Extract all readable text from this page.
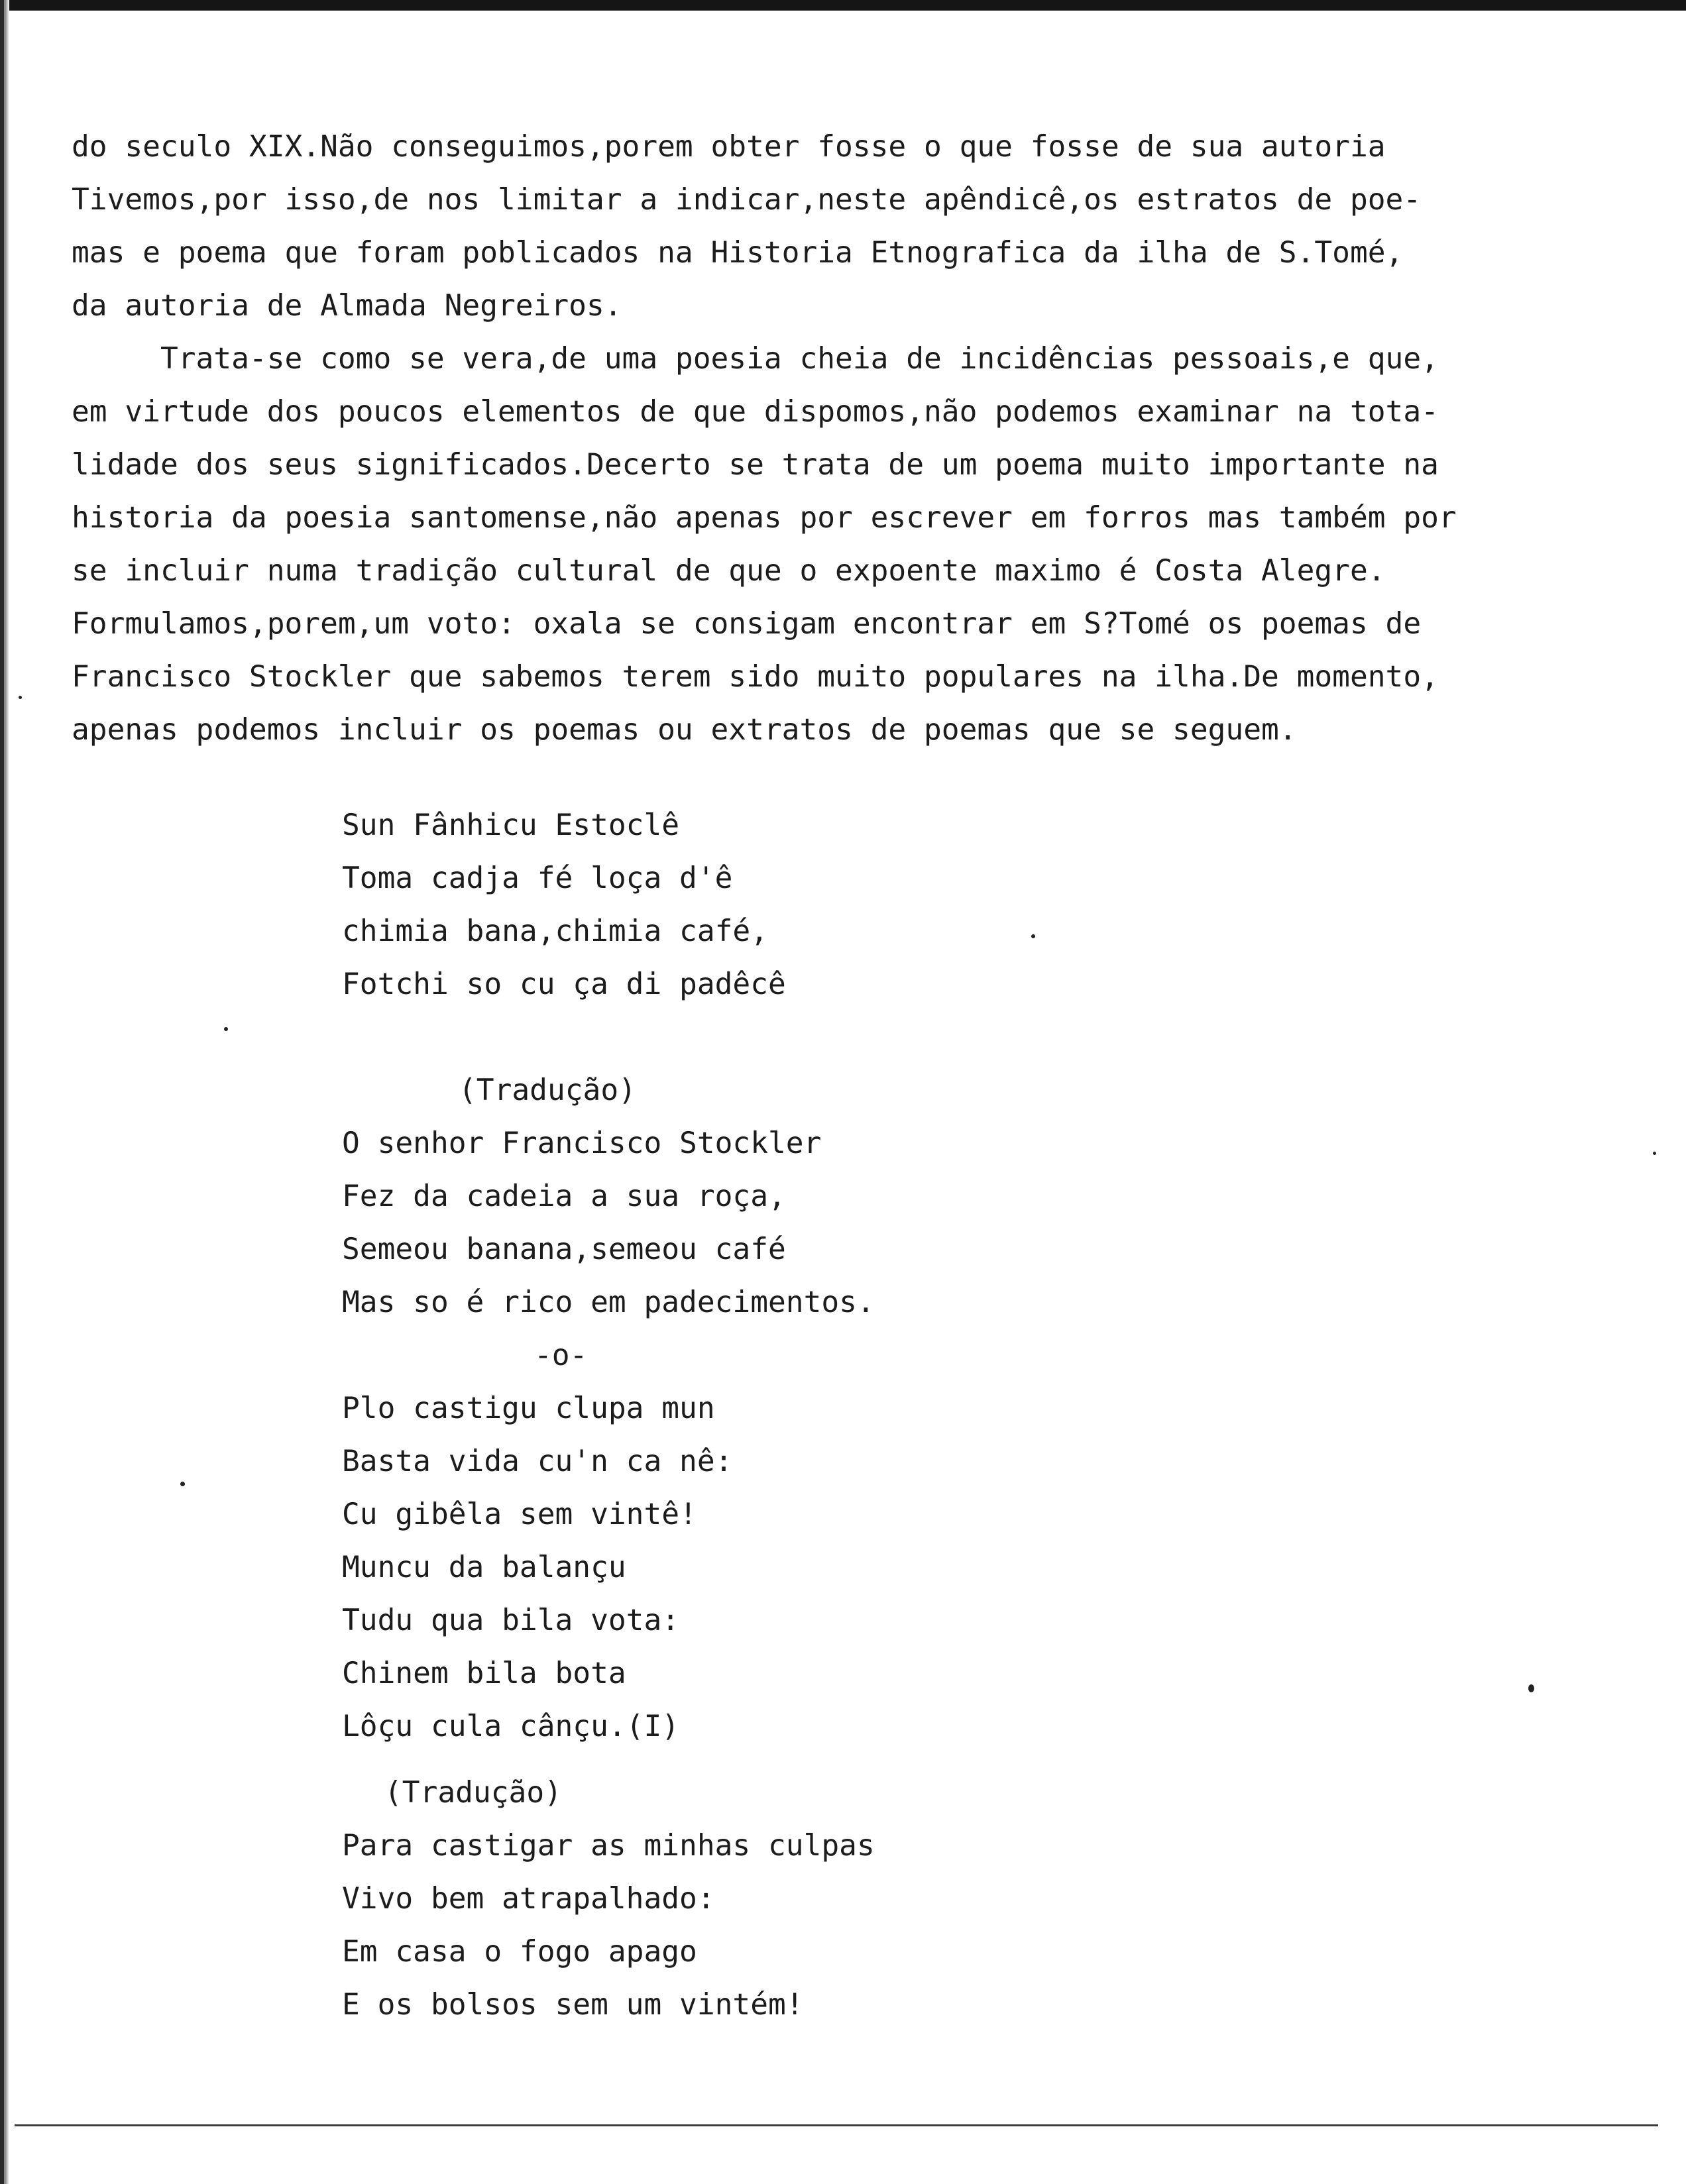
do seculo XIX.Não conseguimos,porem obter fosse o que fosse de sua autoria
Tivemos,por isso,de nos limitar a indicar,neste apêndicê,os estratos de poe-
mas e poema que foram poblicados na Historia Etnografica da ilha de S.Tomé,
da autoria de Almada Negreiros.
Trata-se como se vera,de uma poesia cheia de incidências pessoais,e que,
em virtude dos poucos elementos de que dispomos,não podemos examinar na tota-
lidade dos seus significados.Decerto se trata de um poema muito importante na
historia da poesia santomense,não apenas por escrever em forros mas também por
se incluir numa tradição cultural de que o expoente maximo é Costa Alegre.
Formulamos,porem,um voto: oxala se consigam encontrar em S?Tomé os poemas de
Francisco Stockler que sabemos terem sido muito populares na ilha.De momento,
apenas podemos incluir os poemas ou extratos de poemas que se seguem.
Sun Fânhicu Estoclê
Toma cadja fé loça d'ê
chimia bana,chimia café,
Fotchi so cu ça di padêcê
(Tradução)
O senhor Francisco Stockler
Fez da cadeia a sua roça,
Semeou banana,semeou café
Mas so é rico em padecimentos.
-o-
Plo castigu clupa mun
Basta vida cu'n ca nê:
Cu gibêla sem vintê!
Muncu da balançu
Tudu qua bila vota:
Chinem bila bota
Lôçu cula cânçu.(I)
(Tradução)
Para castigar as minhas culpas
Vivo bem atrapalhado:
Em casa o fogo apago
E os bolsos sem um vintém!
